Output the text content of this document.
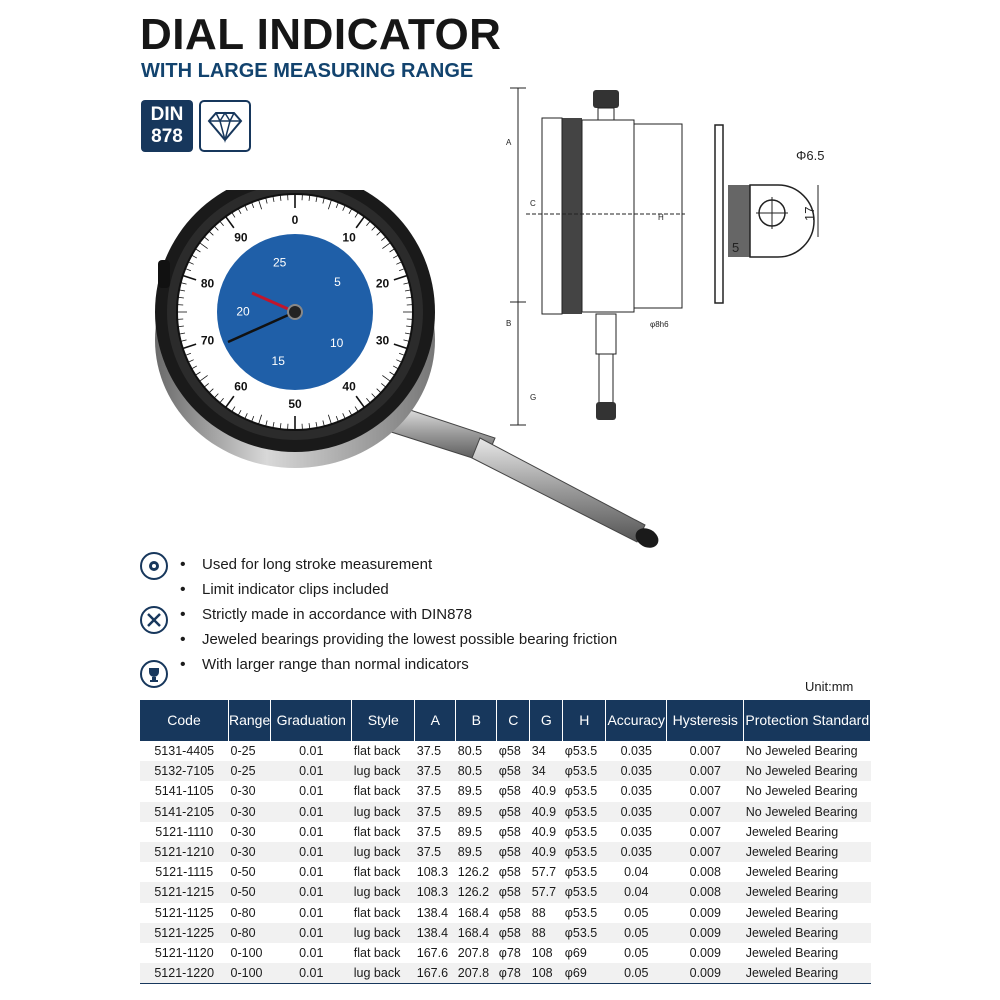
DIAL INDICATOR
WITH LARGE MEASURING RANGE
DIN
878
10
20
30
40
50
60
70
80
90
0
5
10
15
20
25
A
C
B
G
H
φ8h6
Φ6.5
17
5
• Used for long stroke measurement
• Limit indicator clips included
• Strictly made in accordance with DIN878
• Jeweled bearings providing the lowest possible bearing friction
• With larger range than normal indicators
Unit:mm
Code	Range	Graduation	Style	A	B	C	G	H	Accuracy	Hysteresis	Protection Standard
5131-4405	0-25	0.01	flat back	37.5	80.5	φ58	34	φ53.5	0.035	0.007	No Jeweled Bearing
5132-7105	0-25	0.01	lug back	37.5	80.5	φ58	34	φ53.5	0.035	0.007	No Jeweled Bearing
5141-1105	0-30	0.01	flat back	37.5	89.5	φ58	40.9	φ53.5	0.035	0.007	No Jeweled Bearing
5141-2105	0-30	0.01	lug back	37.5	89.5	φ58	40.9	φ53.5	0.035	0.007	No Jeweled Bearing
5121-1110	0-30	0.01	flat back	37.5	89.5	φ58	40.9	φ53.5	0.035	0.007	Jeweled Bearing
5121-1210	0-30	0.01	lug back	37.5	89.5	φ58	40.9	φ53.5	0.035	0.007	Jeweled Bearing
5121-1115	0-50	0.01	flat back	108.3	126.2	φ58	57.7	φ53.5	0.04	0.008	Jeweled Bearing
5121-1215	0-50	0.01	lug back	108.3	126.2	φ58	57.7	φ53.5	0.04	0.008	Jeweled Bearing
5121-1125	0-80	0.01	flat back	138.4	168.4	φ58	88	φ53.5	0.05	0.009	Jeweled Bearing
5121-1225	0-80	0.01	lug back	138.4	168.4	φ58	88	φ53.5	0.05	0.009	Jeweled Bearing
5121-1120	0-100	0.01	flat back	167.6	207.8	φ78	108	φ69	0.05	0.009	Jeweled Bearing
5121-1220	0-100	0.01	lug back	167.6	207.8	φ78	108	φ69	0.05	0.009	Jeweled Bearing
